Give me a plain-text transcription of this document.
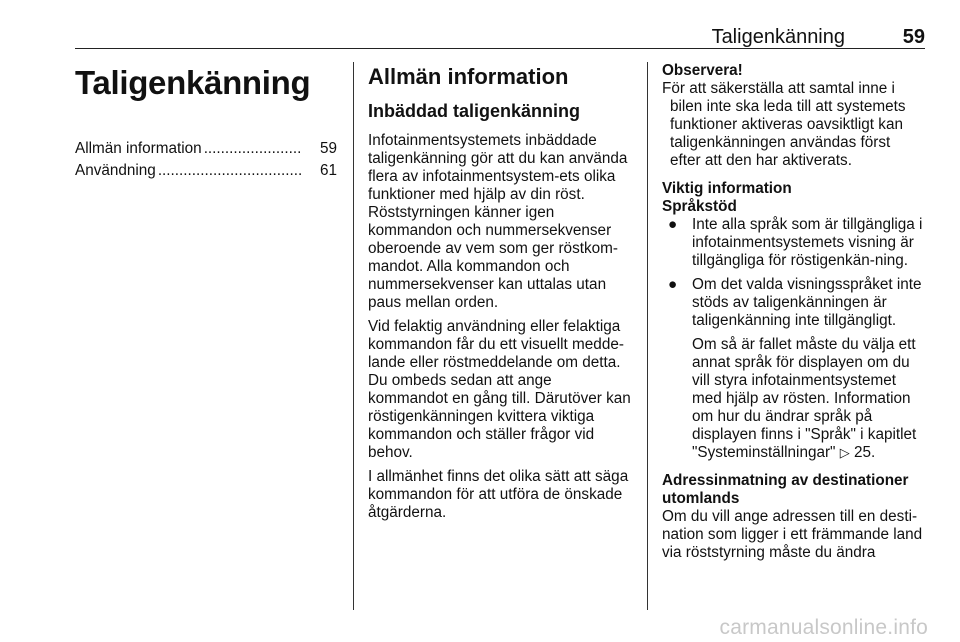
Taligenkänning	59
Taligenkänning
Allmän information .......................	59
Användning ..................................	61
Allmän information
Inbäddad taligenkänning

Infotainmentsystemets inbäddade taligenkänning gör att du kan använda flera av infotainmentsystem-ets olika funktioner med hjälp av din röst. Röststyrningen känner igen kommandon och nummersekvenser oberoende av vem som ger röstkom-mandot. Alla kommandon och nummersekvenser kan uttalas utan paus mellan orden.

Vid felaktig användning eller felaktiga kommandon får du ett visuellt medde-lande eller röstmeddelande om detta. Du ombeds sedan att ange kommandot en gång till. Därutöver kan röstigenkänningen kvittera viktiga kommandon och ställer frågor vid behov.

I allmänhet finns det olika sätt att säga kommandon för att utföra de önskade åtgärderna.

Observera!
För att säkerställa att samtal inne i
bilen inte ska leda till att systemets
funktioner aktiveras oavsiktligt kan
taligenkänningen användas först
efter att den har aktiverats.
Viktig information
Språkstöd
● Inte alla språk som är tillgängliga i infotainmentsystemets visning är tillgängliga för röstigenkän-ning.
● Om det valda visningsspråket inte stöds av taligenkänningen är taligenkänning inte tillgängligt.
Om så är fallet måste du välja ett annat språk för displayen om du vill styra infotainmentsystemet med hjälp av rösten. Information om hur du ändrar språk på displayen finns i "Språk" i kapitlet "Systeminställningar" ▷ 25.
Adressinmatning av destinationer utomlands
Om du vill ange adressen till en desti-nation som ligger i ett främmande land via röststyrning måste du ändra
carmanualsonline.info
